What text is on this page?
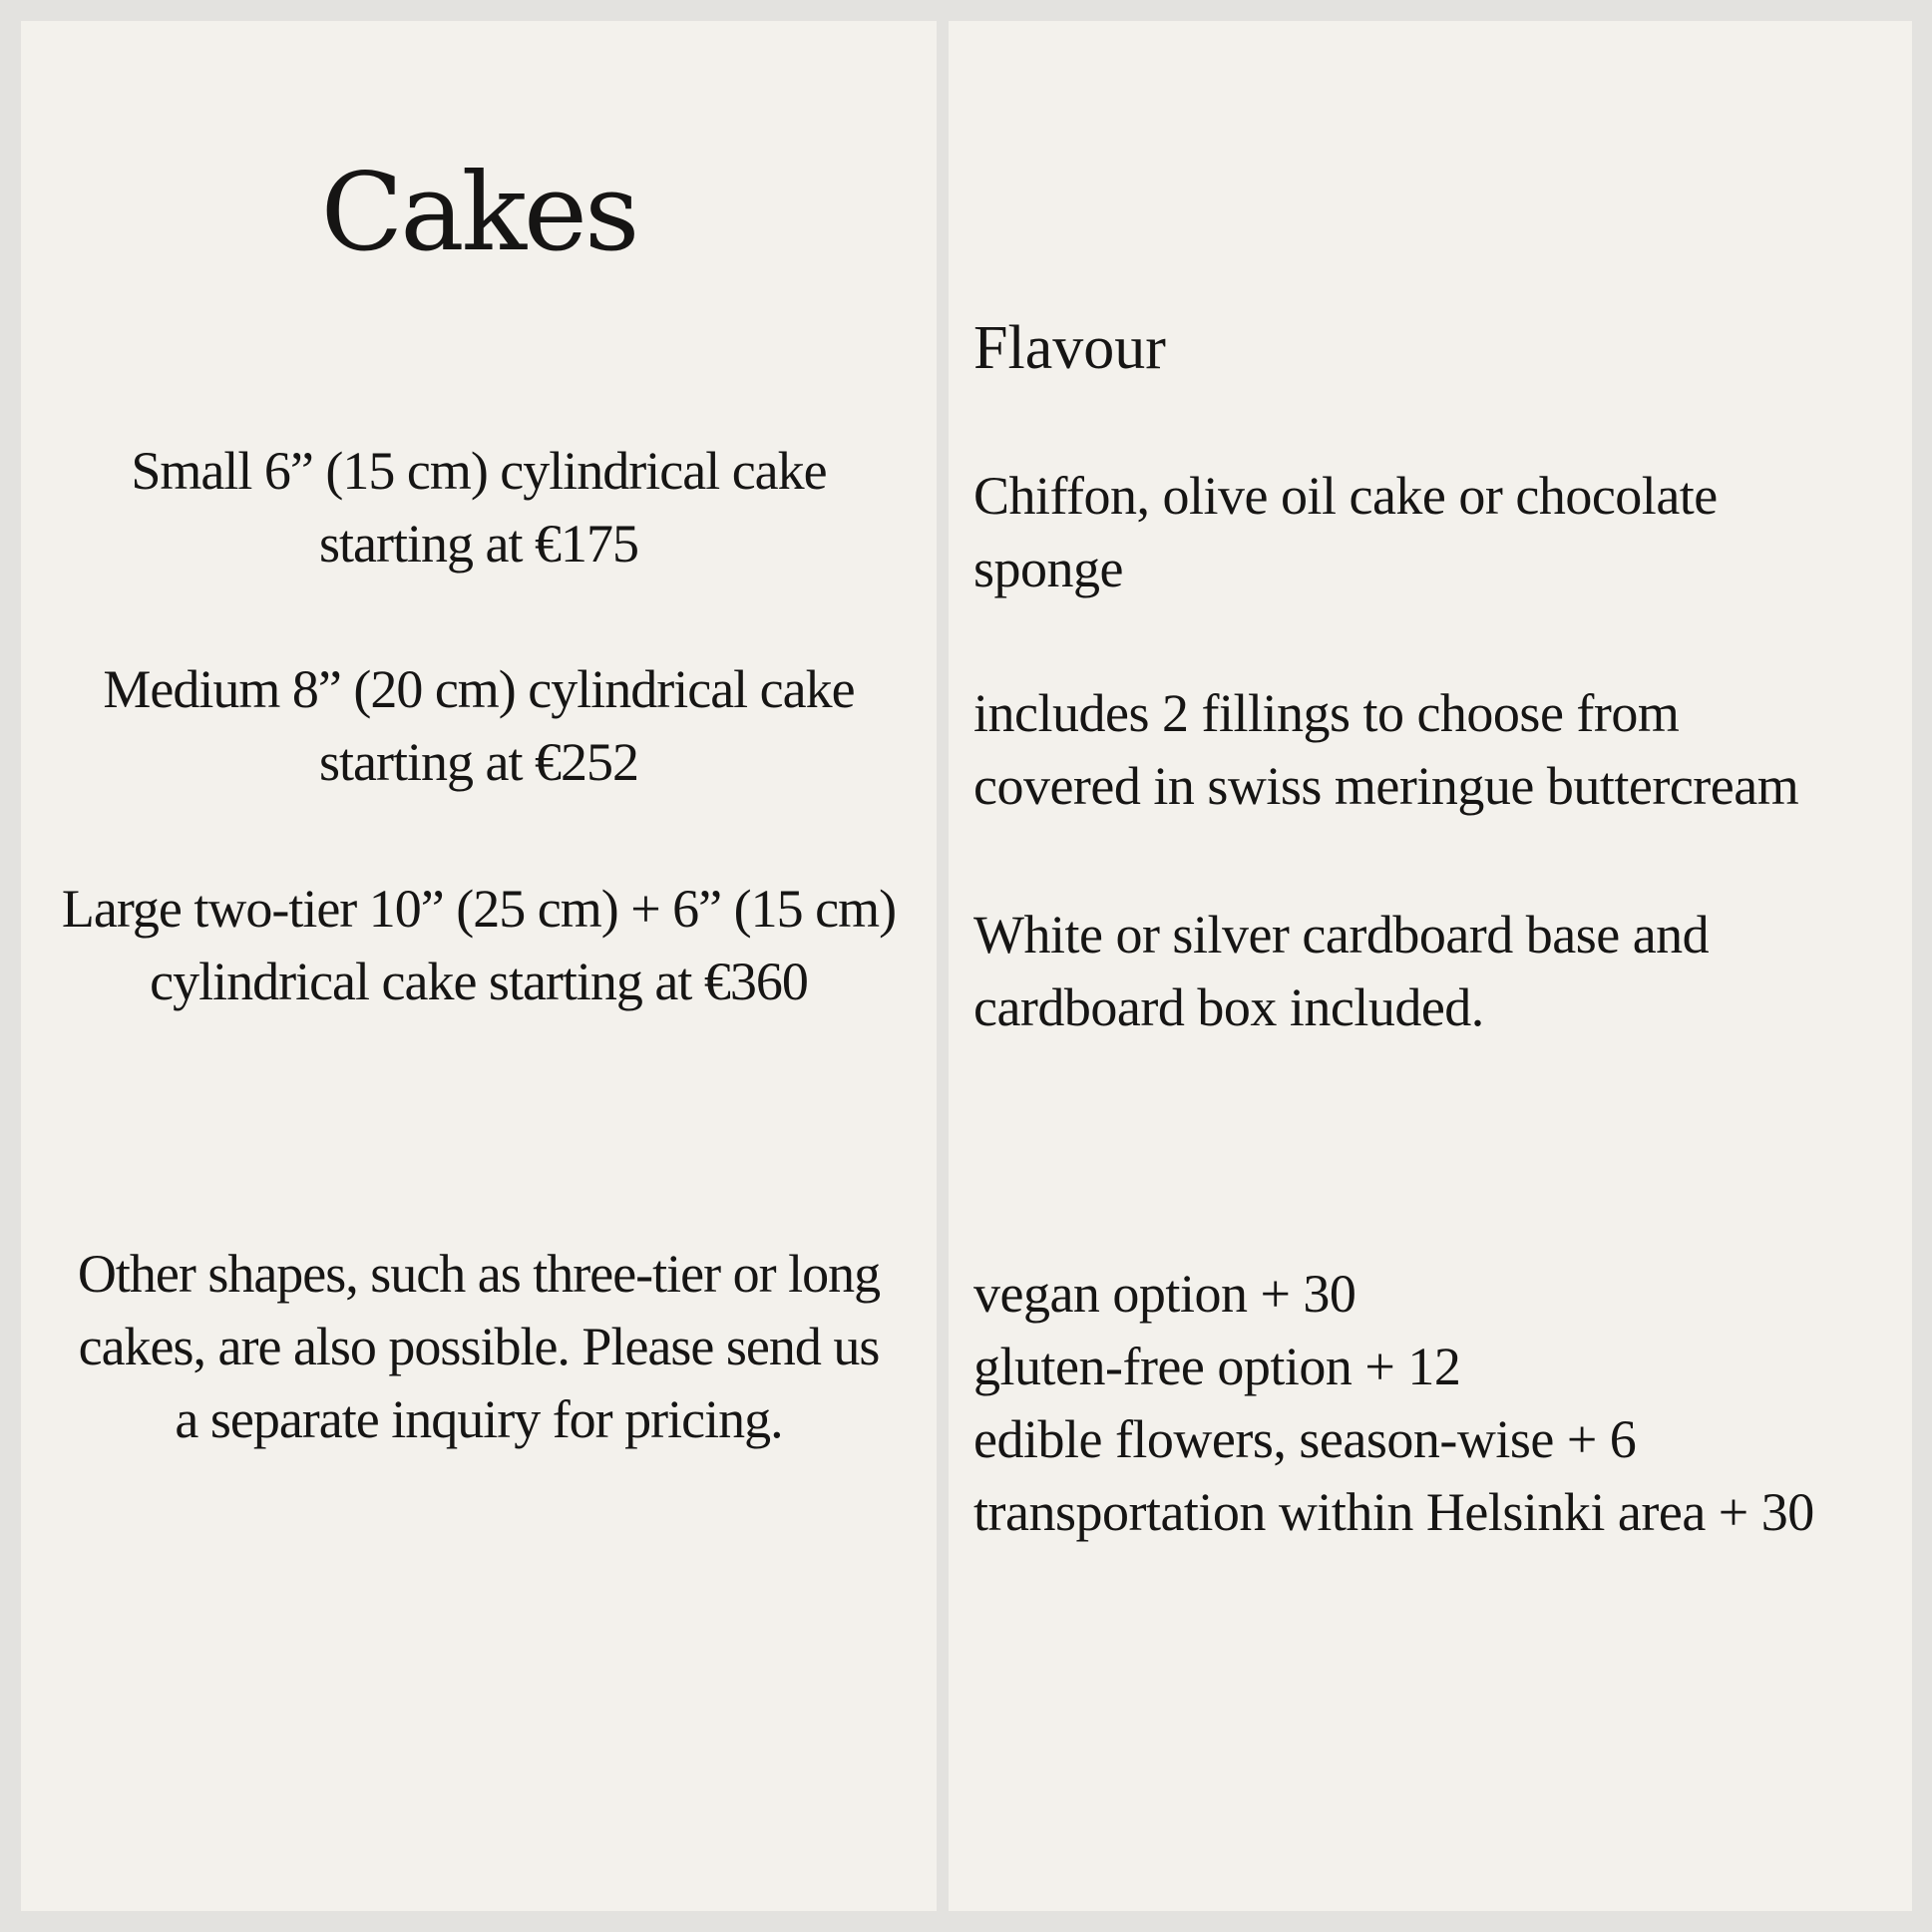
Cakes

Small 6” (15 cm) cylindrical cake starting at €175

Medium 8” (20 cm) cylindrical cake starting at €252

Large two-tier 10” (25 cm) + 6” (15 cm) cylindrical cake starting at €360

Other shapes, such as three-tier or long cakes, are also possible. Please send us a separate inquiry for pricing.

Flavour

Chiffon, olive oil cake or chocolate sponge

includes 2 fillings to choose from
covered in swiss meringue buttercream

White or silver cardboard base and cardboard box included.

vegan option + 30
gluten-free option + 12
edible flowers, season-wise + 6
transportation within Helsinki area + 30
